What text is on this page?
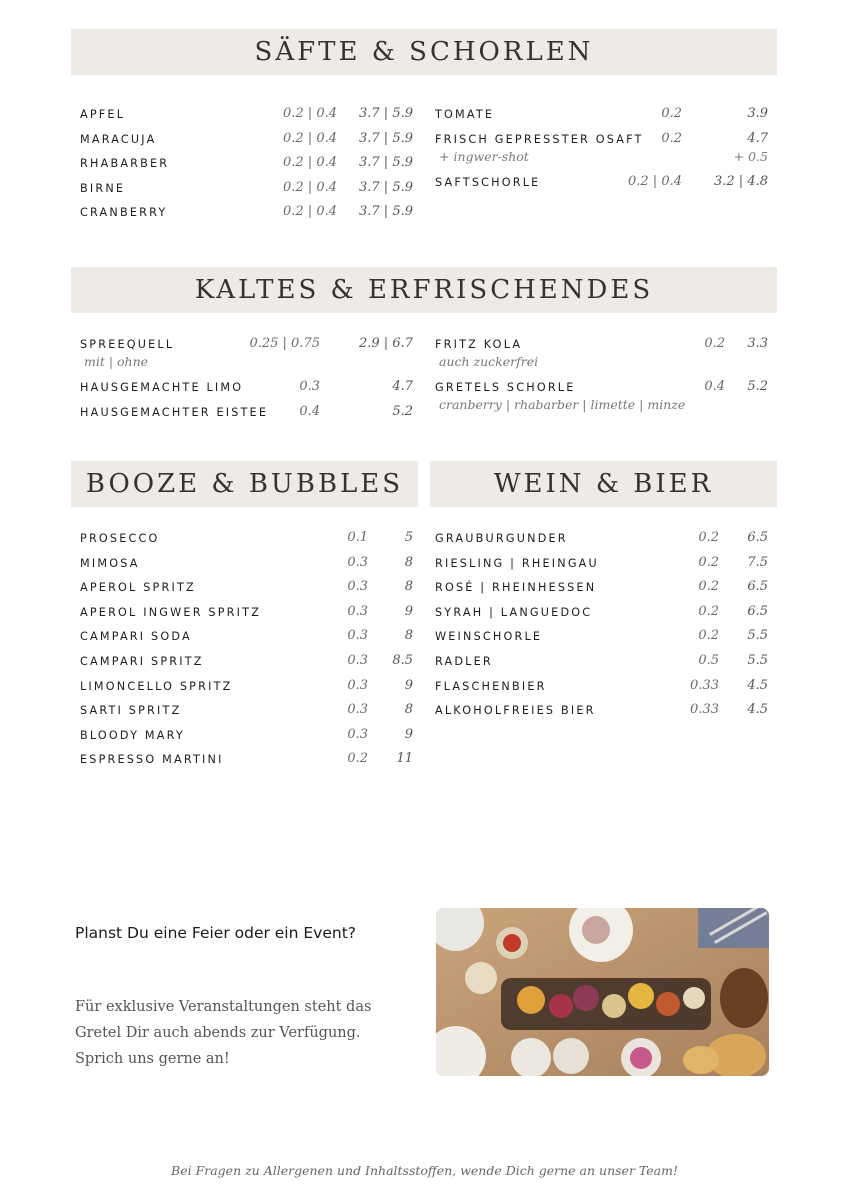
SÄFTE & SCHORLEN
KALTES & ERFRISCHENDES
BOOZE & BUBBLES	WEIN & BIER
APFEL	0.2 | 0.4 3.7 | 5.9
MARACUJA	0.2 | 0.4 3.7 | 5.9
RHABARBER	0.2 | 0.4 3.7 | 5.9
BIRNE	0.2 | 0.4 3.7 | 5.9
CRANBERRY	0.2 | 0.4 3.7 | 5.9
TOMATE	0.2	3.9
FRISCH GEPRESSTER OSAFT 0.2	4.7
+ ingwer-shot	+ 0.5
SAFTSCHORLE	0.2 | 0.4 3.2 | 4.8
SPREEQUELL	0.25 | 0.75	2.9 | 6.7
mit | ohne
HAUSGEMACHTE LIMO	0.3	4.7
HAUSGEMACHTER EISTEE 0.4	5.2
FRITZ KOLA	0.2 3.3
auch zuckerfrei
GRETELS SCHORLE	0.4 5.2
cranberry | rhabarber | limette | minze
PROSECCO	0.1	5
MIMOSA	0.3	8
APEROL SPRITZ	0.3	8
APEROL INGWER SPRITZ	0.3	9
CAMPARI SODA	0.3	8
CAMPARI SPRITZ	0.3 8.5
LIMONCELLO SPRITZ	0.3	9
SARTI SPRITZ	0.3	8
BLOODY MARY	0.3	9
ESPRESSO MARTINI	0.2 11
GRAUBURGUNDER	0.2 6.5
RIESLING | RHEINGAU	0.2 7.5
ROSÉ | RHEINHESSEN	0.2 6.5
SYRAH | LANGUEDOC	0.2 6.5
WEINSCHORLE	0.2 5.5
RADLER	0.5 5.5
FLASCHENBIER	0.33 4.5
ALKOHOLFREIES BIER	0.33 4.5
Planst Du eine Feier oder ein Event?
Für exklusive Veranstaltungen steht das
Gretel Dir auch abends zur Verfügung.
Sprich uns gerne an!
Bei Fragen zu Allergenen und Inhaltsstoffen, wende Dich gerne an unser Team!
